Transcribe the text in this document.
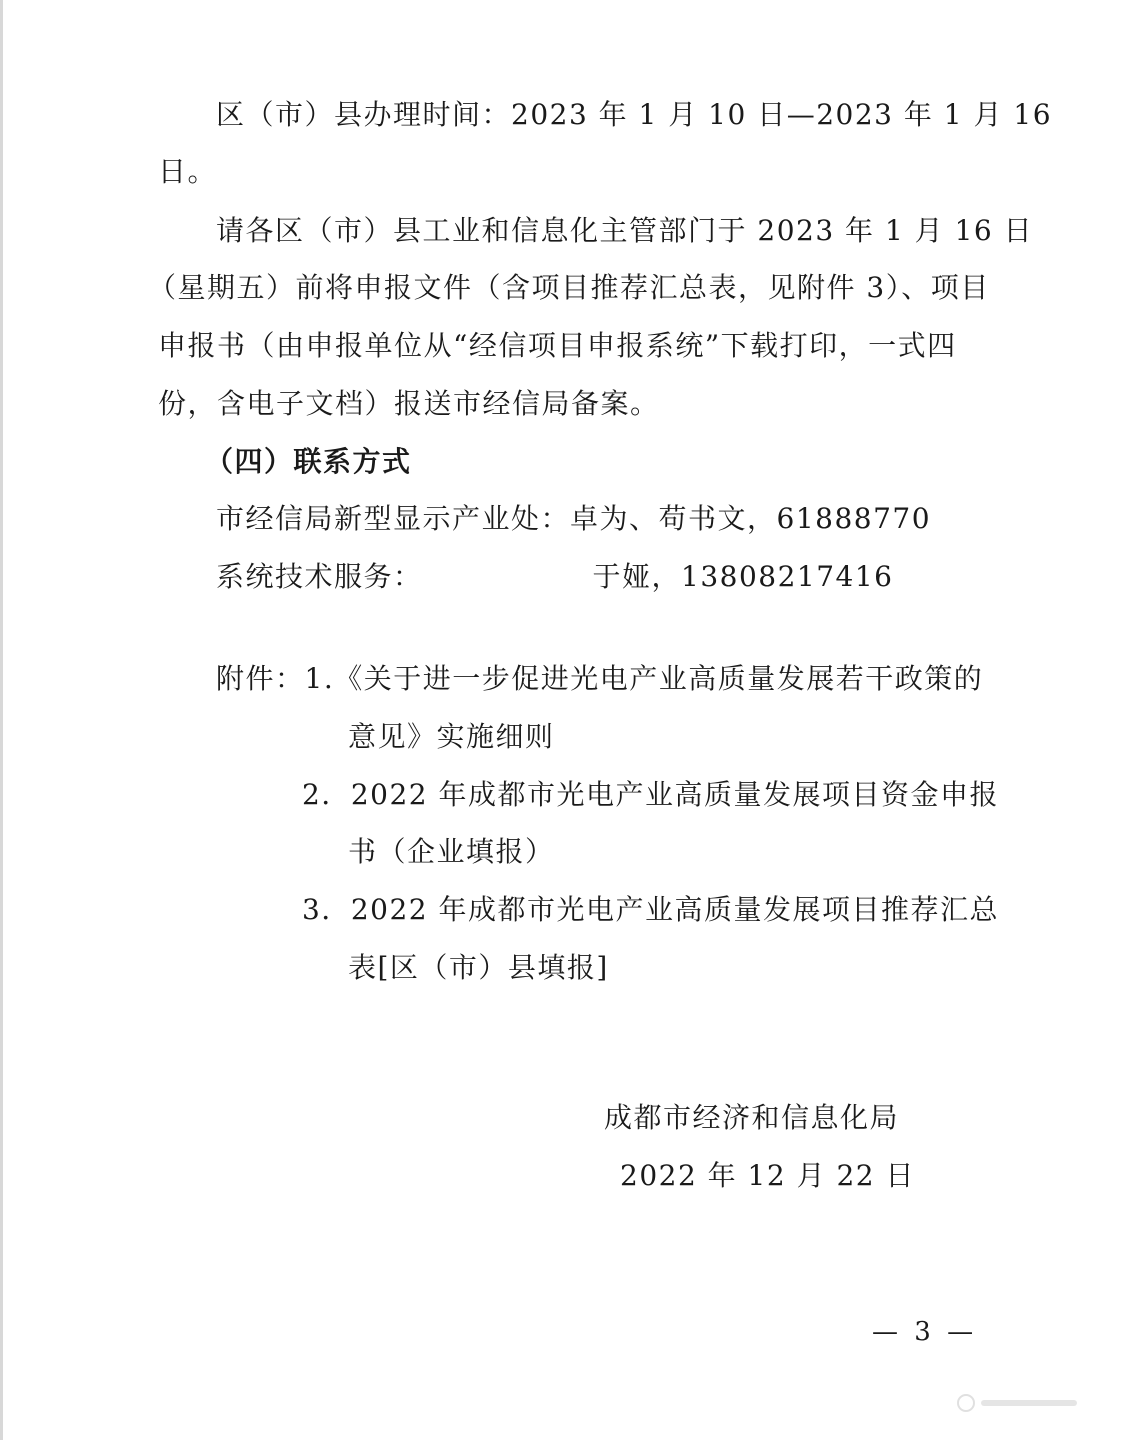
区（市）县办理时间：2023 年 1 月 10 日—2023 年 1 月 16
日。
请各区（市）县工业和信息化主管部门于 2023 年 1 月 16 日
（星期五）前将申报文件（含项目推荐汇总表，见附件 3）、项目
申报书（由申报单位从“经信项目申报系统”下载打印，一式四
份，含电子文档）报送市经信局备案。
（四）联系方式
市经信局新型显示产业处：卓为、苟书文，61888770
系统技术服务：	于娅，13808217416
附件：1.《关于进一步促进光电产业高质量发展若干政策的
意见》实施细则
2．2022 年成都市光电产业高质量发展项目资金申报
书（企业填报）
3．2022 年成都市光电产业高质量发展项目推荐汇总
表[区（市）县填报]
成都市经济和信息化局
2022 年 12 月 22 日
— 3 —
